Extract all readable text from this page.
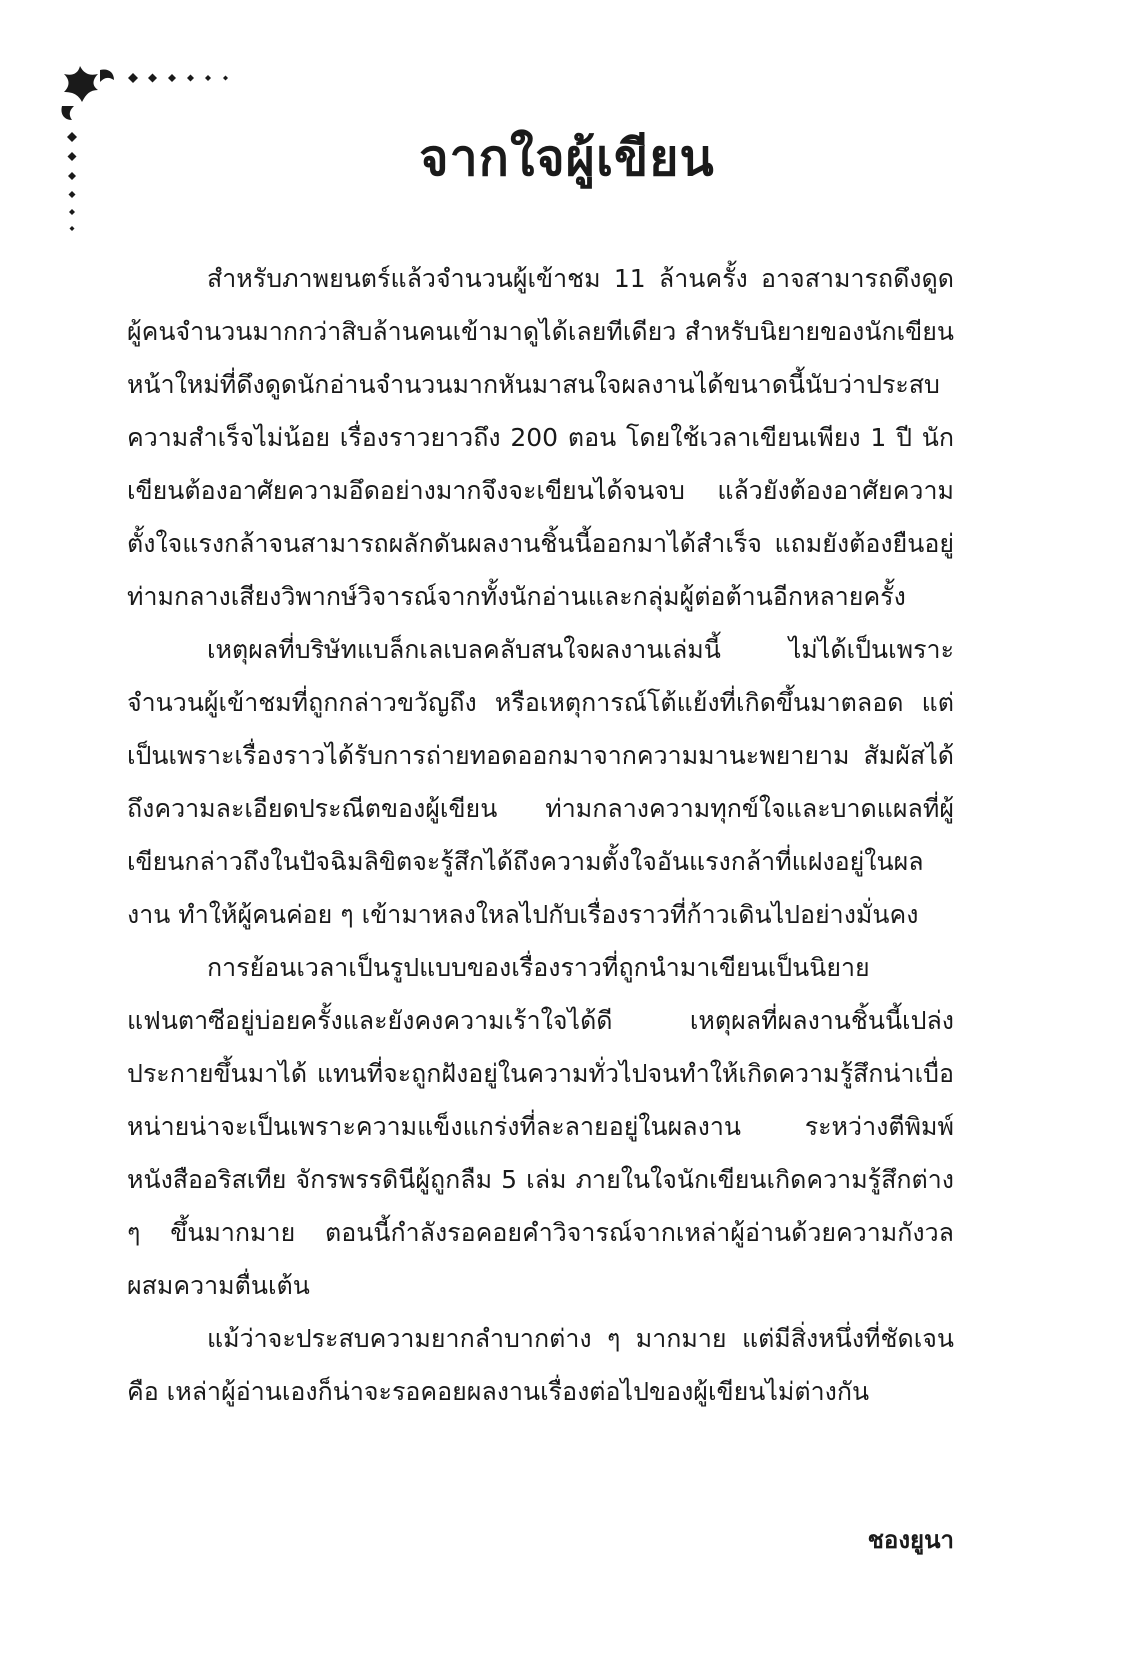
จากใจผู้เขียน

สำหรับภาพยนตร์แล้วจำนวนผู้เข้าชม 11 ล้านครั้ง อาจสามารถดึงดูดผู้คนจำนวนมากกว่าสิบล้านคนเข้ามาดูได้เลยทีเดียว สำหรับนิยายของนักเขียนหน้าใหม่ที่ดึงดูดนักอ่านจำนวนมากหันมาสนใจผลงานได้ขนาดนี้นับว่าประสบความสำเร็จไม่น้อย เรื่องราวยาวถึง 200 ตอน โดยใช้เวลาเขียนเพียง 1 ปี นักเขียนต้องอาศัยความอึดอย่างมากจึงจะเขียนได้จนจบ แล้วยังต้องอาศัยความตั้งใจแรงกล้าจนสามารถผลักดันผลงานชิ้นนี้ออกมาได้สำเร็จ แถมยังต้องยืนอยู่ท่ามกลางเสียงวิพากษ์วิจารณ์จากทั้งนักอ่านและกลุ่มผู้ต่อต้านอีกหลายครั้ง

เหตุผลที่บริษัทแบล็กเลเบลคลับสนใจผลงานเล่มนี้ ไม่ได้เป็นเพราะจำนวนผู้เข้าชมที่ถูกกล่าวขวัญถึง หรือเหตุการณ์โต้แย้งที่เกิดขึ้นมาตลอด แต่เป็นเพราะเรื่องราวได้รับการถ่ายทอดออกมาจากความมานะพยายาม สัมผัสได้ถึงความละเอียดประณีตของผู้เขียน ท่ามกลางความทุกข์ใจและบาดแผลที่ผู้เขียนกล่าวถึงในปัจฉิมลิขิตจะรู้สึกได้ถึงความตั้งใจอันแรงกล้าที่แฝงอยู่ในผลงาน ทำให้ผู้คนค่อย ๆ เข้ามาหลงใหลไปกับเรื่องราวที่ก้าวเดินไปอย่างมั่นคง

การย้อนเวลาเป็นรูปแบบของเรื่องราวที่ถูกนำมาเขียนเป็นนิยายแฟนตาซีอยู่บ่อยครั้งและยังคงความเร้าใจได้ดี เหตุผลที่ผลงานชิ้นนี้เปล่งประกายขึ้นมาได้ แทนที่จะถูกฝังอยู่ในความทั่วไปจนทำให้เกิดความรู้สึกน่าเบื่อหน่ายน่าจะเป็นเพราะความแข็งแกร่งที่ละลายอยู่ในผลงาน ระหว่างตีพิมพ์หนังสืออริสเทีย จักรพรรดินีผู้ถูกลืม 5 เล่ม ภายในใจนักเขียนเกิดความรู้สึกต่าง ๆ ขึ้นมากมาย ตอนนี้กำลังรอคอยคำวิจารณ์จากเหล่าผู้อ่านด้วยความกังวลผสมความตื่นเต้น

แม้ว่าจะประสบความยากลำบากต่าง ๆ มากมาย แต่มีสิ่งหนึ่งที่ชัดเจน คือ เหล่าผู้อ่านเองก็น่าจะรอคอยผลงานเรื่องต่อไปของผู้เขียนไม่ต่างกัน

ชองยูนา
